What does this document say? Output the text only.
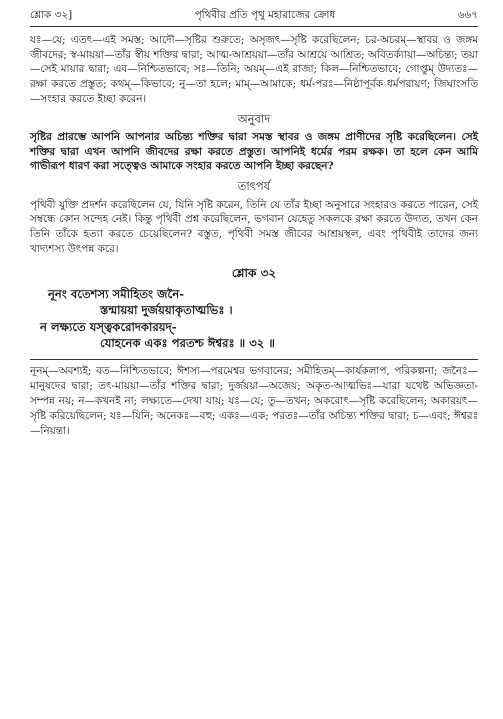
শ্লোক ৩২]	পৃথিবীর প্রতি পৃথু মহারাজের ক্রোধ	৬৬৭

যঃ—যে; এতৎ—এই সমস্ত; আদৌ—সৃষ্টির শুরুতে; অসৃজৎ—সৃষ্টি করেছিলেন; চর-অচরম্—স্থাবর ও জঙ্গম জীবদের; স্ব-মায়য়া—তাঁর স্বীয় শক্তির দ্বারা; আত্ম-আশ্রয়য়া—তাঁর আশ্রয়ে আশ্রিত; অবিতর্ক্যায়া—অচিন্ত্য; তয়া—সেই মায়ার দ্বারা; এব—নিশ্চিতভাবে; সঃ—তিনি; অয়ম্—এই রাজা; কিল—নিশ্চিতভাবে; গোপ্তুম্ উদ্যতঃ—রক্ষা করতে প্রস্তুত; কথম্—কিভাবে; নু—তা হলে; মাম্—আমাকে; ধর্ম-পরঃ—নিষ্ঠাপূর্বক ধর্মপরায়ণ; জিঘাংসতি—সংহার করতে ইচ্ছা করেন।

অনুবাদ

সৃষ্টির প্রারম্ভে আপনি আপনার অচিন্ত্য শক্তির দ্বারা সমস্ত স্থাবর ও জঙ্গম প্রাণীদের সৃষ্টি করেছিলেন। সেই শক্তির দ্বারা এখন আপনি জীবদের রক্ষা করতে প্রস্তুত। আপনিই ধর্মের পরম রক্ষক। তা হলে কেন আমি গাভীরূপ ধারণ করা সত্ত্বেও আমাকে সংহার করতে আপনি ইচ্ছা করছেন?

তাৎপর্য

পৃথিবী যুক্তি প্রদর্শন করেছিলেন যে, যিনি সৃষ্টি করেন, তিনি যে তাঁর ইচ্ছা অনুসারে সংহারও করতে পারেন, সেই সম্বন্ধে কোন সন্দেহ নেই। কিন্তু পৃথিবী প্রশ্ন করেছিলেন, ভগবান যেহেতু সকলকে রক্ষা করতে উদ্যত, তখন কেন তিনি তাঁকে হত্যা করতে চেয়েছিলেন? বস্তুত, পৃথিবী সমস্ত জীবের আশ্রয়স্থল, এবং পৃথিবীই তাদের জন্য খাদ্যশস্য উৎপন্ন করে।

শ্লোক ৩২
নূনং বতেশস্য সমীহিতং জনৈ-
স্তন্মায়য়া দুর্জয়য়াকৃতাত্মভিঃ ।
ন লক্ষ্যতে যস্ত্বকরোদকারয়দ্-
যোহনেক একঃ পরতশ্চ ঈশ্বরঃ ॥ ৩২ ॥

নূনম্—অবশ্যই; বত—নিশ্চিতভাবে; ঈশস্য—পরমেশ্বর ভগবানের; সমীহিতম্—কার্যকলাপ, পরিকল্পনা; জনৈঃ—মানুষদের দ্বারা; তৎ-মায়য়া—তাঁর শক্তির দ্বারা; দুর্জয়য়া—অজেয়; অকৃত-আত্মভিঃ—যারা যথেষ্ট অভিজ্ঞতা-সম্পন্ন নয়; ন—কখনই না; লক্ষ্যতে—দেখা যায়; যঃ—যে; তু—তখন; অকরোৎ—সৃষ্টি করেছিলেন; অকারয়ৎ—সৃষ্টি করিয়েছিলেন; যঃ—যিনি; অনেকঃ—বহু; একঃ—এক; পরতঃ—তাঁর অচিন্ত্য শক্তির দ্বারা; চ—এবং; ঈশ্বরঃ—নিয়ন্তা।
